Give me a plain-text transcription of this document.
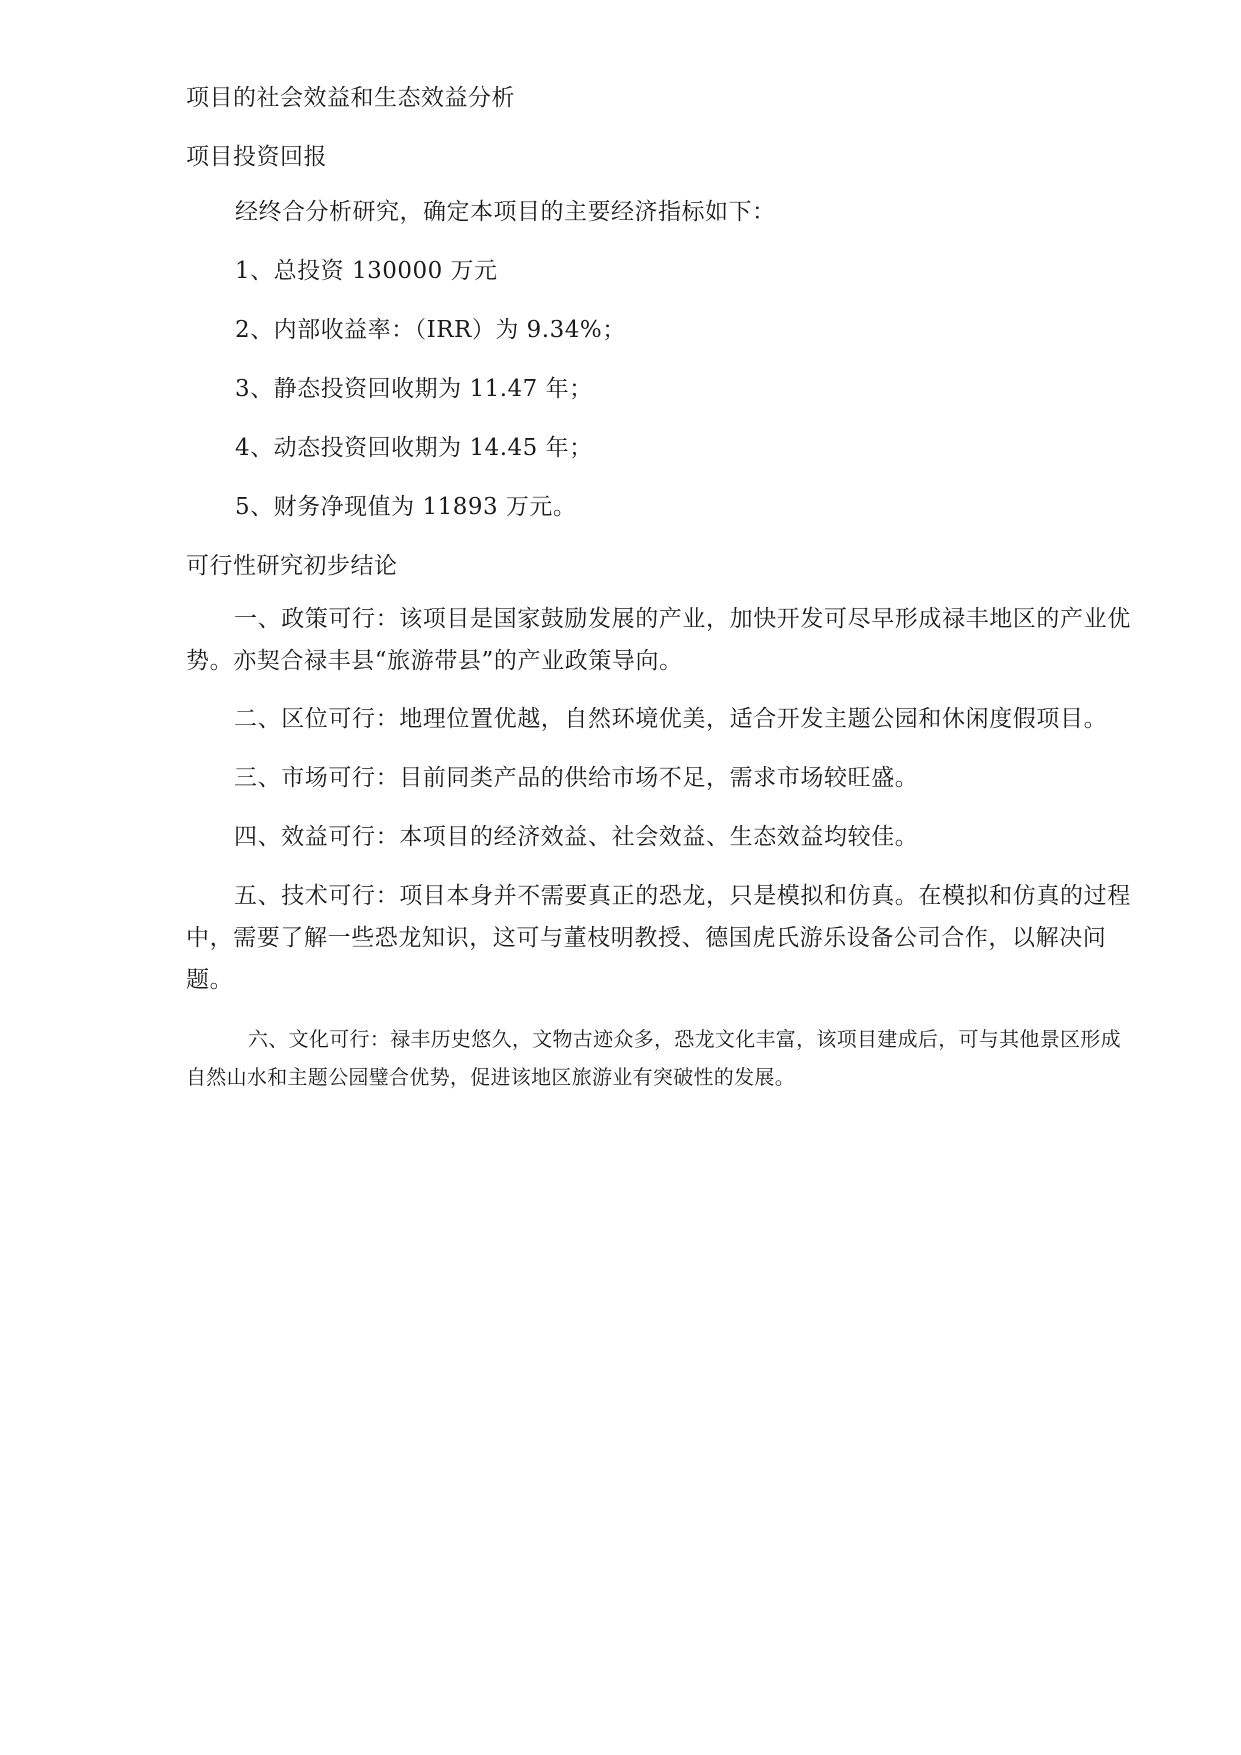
项目的社会效益和生态效益分析
项目投资回报
经终合分析研究，确定本项目的主要经济指标如下：
1、总投资 130000 万元
2、内部收益率：（IRR）为 9.34%；
3、静态投资回收期为 11.47 年；
4、动态投资回收期为 14.45 年；
5、财务净现值为 11893 万元。
可行性研究初步结论
一、政策可行：该项目是国家鼓励发展的产业，加快开发可尽早形成禄丰地区的产业优势。亦契合禄丰县“旅游带县”的产业政策导向。
二、区位可行：地理位置优越，自然环境优美，适合开发主题公园和休闲度假项目。
三、市场可行：目前同类产品的供给市场不足，需求市场较旺盛。
四、效益可行：本项目的经济效益、社会效益、生态效益均较佳。
五、技术可行：项目本身并不需要真正的恐龙，只是模拟和仿真。在模拟和仿真的过程中，需要了解一些恐龙知识，这可与董枝明教授、德国虎氏游乐设备公司合作，以解决问题。
六、文化可行：禄丰历史悠久，文物古迹众多，恐龙文化丰富，该项目建成后，可与其他景区形成自然山水和主题公园璧合优势，促进该地区旅游业有突破性的发展。
